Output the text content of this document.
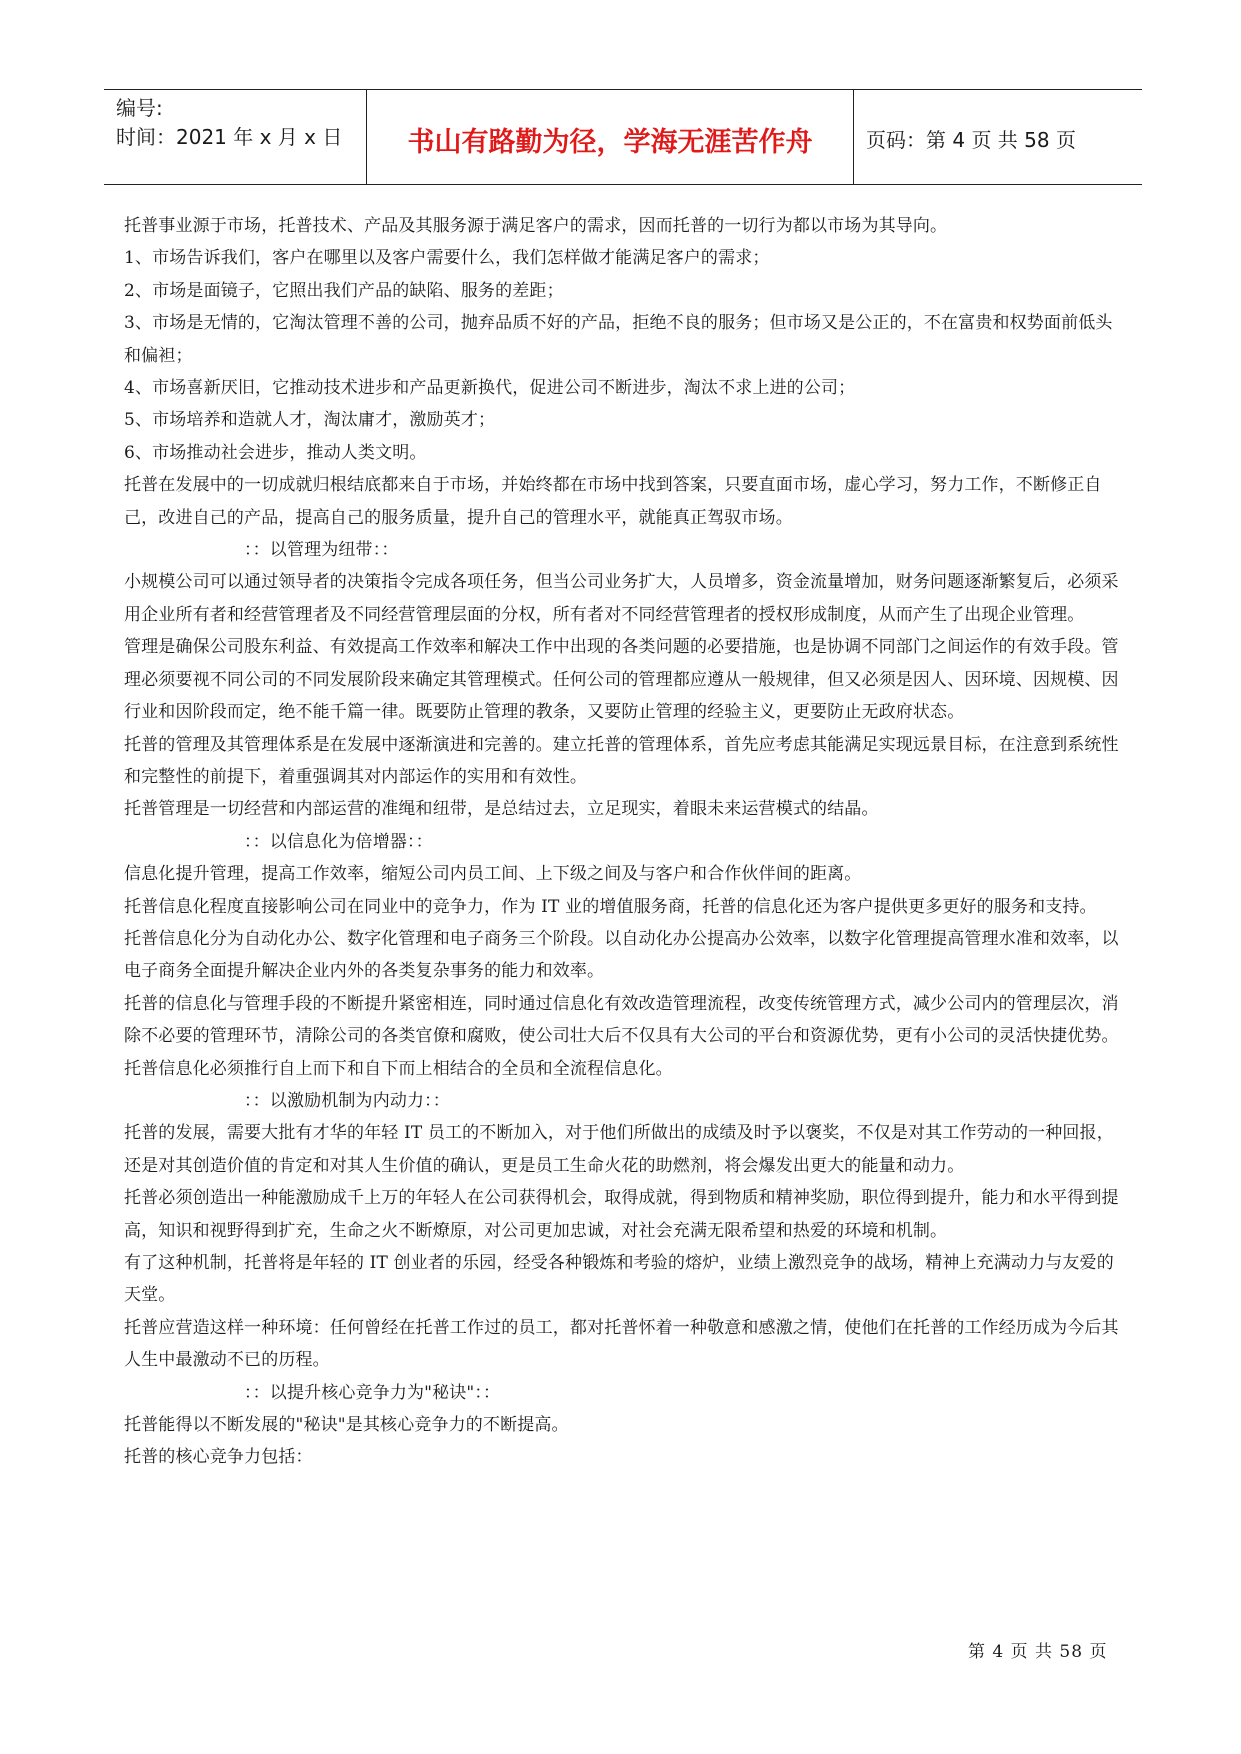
编号:
时间：2021 年 x 月 x 日	书山有路勤为径，学海无涯苦作舟	页码：第 4 页 共 58 页

托普事业源于市场，托普技术、产品及其服务源于满足客户的需求，因而托普的一切行为都以市场为其导向。

1、市场告诉我们，客户在哪里以及客户需要什么，我们怎样做才能满足客户的需求；

2、市场是面镜子，它照出我们产品的缺陷、服务的差距；

3、市场是无情的，它淘汰管理不善的公司，抛弃品质不好的产品，拒绝不良的服务；但市场又是公正的，不在富贵和权势面前低头和偏袒；

4、市场喜新厌旧，它推动技术进步和产品更新换代，促进公司不断进步，淘汰不求上进的公司；

5、市场培养和造就人才，淘汰庸才，激励英才；

6、市场推动社会进步，推动人类文明。

托普在发展中的一切成就归根结底都来自于市场，并始终都在市场中找到答案，只要直面市场，虚心学习，努力工作，不断修正自己，改进自己的产品，提高自己的服务质量，提升自己的管理水平，就能真正驾驭市场。

：：以管理为纽带：：

小规模公司可以通过领导者的决策指令完成各项任务，但当公司业务扩大，人员增多，资金流量增加，财务问题逐渐繁复后，必须采用企业所有者和经营管理者及不同经营管理层面的分权，所有者对不同经营管理者的授权形成制度，从而产生了出现企业管理。

管理是确保公司股东利益、有效提高工作效率和解决工作中出现的各类问题的必要措施，也是协调不同部门之间运作的有效手段。管理必须要视不同公司的不同发展阶段来确定其管理模式。任何公司的管理都应遵从一般规律，但又必须是因人、因环境、因规模、因行业和因阶段而定，绝不能千篇一律。既要防止管理的教条，又要防止管理的经验主义，更要防止无政府状态。

托普的管理及其管理体系是在发展中逐渐演进和完善的。建立托普的管理体系，首先应考虑其能满足实现远景目标，在注意到系统性和完整性的前提下，着重强调其对内部运作的实用和有效性。

托普管理是一切经营和内部运营的准绳和纽带，是总结过去，立足现实，着眼未来运营模式的结晶。

：：以信息化为倍增器：：

信息化提升管理，提高工作效率，缩短公司内员工间、上下级之间及与客户和合作伙伴间的距离。

托普信息化程度直接影响公司在同业中的竞争力，作为 IT 业的增值服务商，托普的信息化还为客户提供更多更好的服务和支持。

托普信息化分为自动化办公、数字化管理和电子商务三个阶段。以自动化办公提高办公效率，以数字化管理提高管理水准和效率，以电子商务全面提升解决企业内外的各类复杂事务的能力和效率。

托普的信息化与管理手段的不断提升紧密相连，同时通过信息化有效改造管理流程，改变传统管理方式，减少公司内的管理层次，消除不必要的管理环节，清除公司的各类官僚和腐败，使公司壮大后不仅具有大公司的平台和资源优势，更有小公司的灵活快捷优势。

托普信息化必须推行自上而下和自下而上相结合的全员和全流程信息化。

：：以激励机制为内动力：：

托普的发展，需要大批有才华的年轻 IT 员工的不断加入，对于他们所做出的成绩及时予以褒奖，不仅是对其工作劳动的一种回报，还是对其创造价值的肯定和对其人生价值的确认，更是员工生命火花的助燃剂，将会爆发出更大的能量和动力。

托普必须创造出一种能激励成千上万的年轻人在公司获得机会，取得成就，得到物质和精神奖励，职位得到提升，能力和水平得到提高，知识和视野得到扩充，生命之火不断燎原，对公司更加忠诚，对社会充满无限希望和热爱的环境和机制。

有了这种机制，托普将是年轻的 IT 创业者的乐园，经受各种锻炼和考验的熔炉，业绩上激烈竞争的战场，精神上充满动力与友爱的天堂。

托普应营造这样一种环境：任何曾经在托普工作过的员工，都对托普怀着一种敬意和感激之情，使他们在托普的工作经历成为今后其人生中最激动不已的历程。

：：以提升核心竞争力为"秘诀"：：

托普能得以不断发展的"秘诀"是其核心竞争力的不断提高。

托普的核心竞争力包括：

第 4 页 共 58 页
